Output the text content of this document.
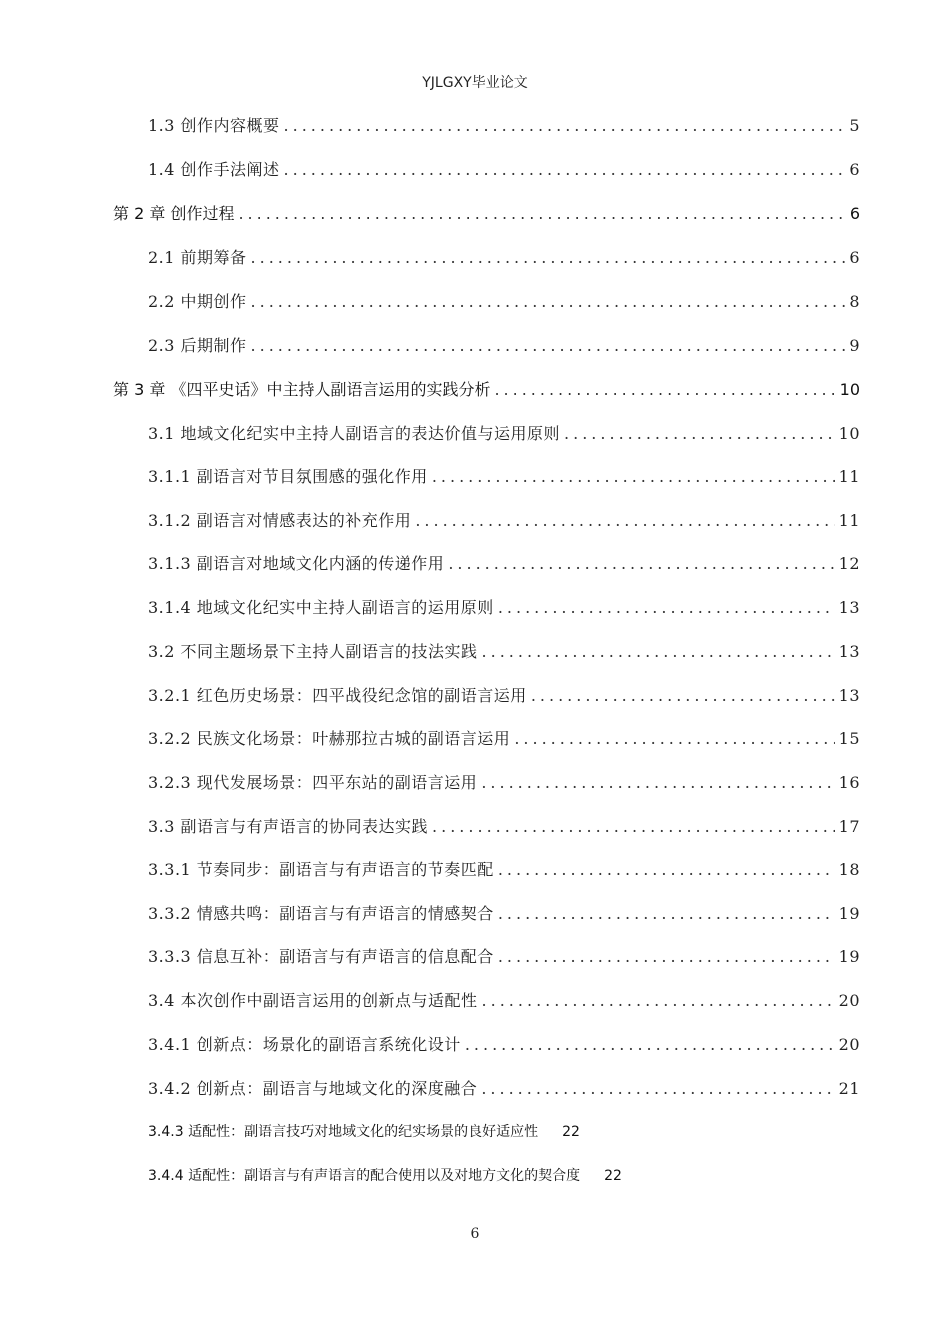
YJLGXY毕业论文
1.3 创作内容概要 .....	5
1.4 创作手法阐述 .....	6
第 2 章 创作过程 .....	6
2.1 前期筹备 .....	6
2.2 中期创作 .....	8
2.3 后期制作 .....	9
第 3 章 《四平史话》中主持人副语言运用的实践分析 .....	10
3.1 地域文化纪实中主持人副语言的表达价值与运用原则 .....	10
3.1.1 副语言对节目氛围感的强化作用 .....	11
3.1.2 副语言对情感表达的补充作用 .....	11
3.1.3 副语言对地域文化内涵的传递作用 .....	12
3.1.4 地域文化纪实中主持人副语言的运用原则 .....	13
3.2 不同主题场景下主持人副语言的技法实践 .....	13
3.2.1 红色历史场景：四平战役纪念馆的副语言运用 .....	13
3.2.2 民族文化场景：叶赫那拉古城的副语言运用 .....	15
3.2.3 现代发展场景：四平东站的副语言运用 .....	16
3.3 副语言与有声语言的协同表达实践 .....	17
3.3.1 节奏同步：副语言与有声语言的节奏匹配 .....	18
3.3.2 情感共鸣：副语言与有声语言的情感契合 .....	19
3.3.3 信息互补：副语言与有声语言的信息配合 .....	19
3.4 本次创作中副语言运用的创新点与适配性 .....	20
3.4.1 创新点：场景化的副语言系统化设计 .....	20
3.4.2 创新点：副语言与地域文化的深度融合 .....	21
3.4.3 适配性：副语言技巧对地域文化的纪实场景的良好适应性 22
3.4.4 适配性：副语言与有声语言的配合使用以及对地方文化的契合度 22
6
